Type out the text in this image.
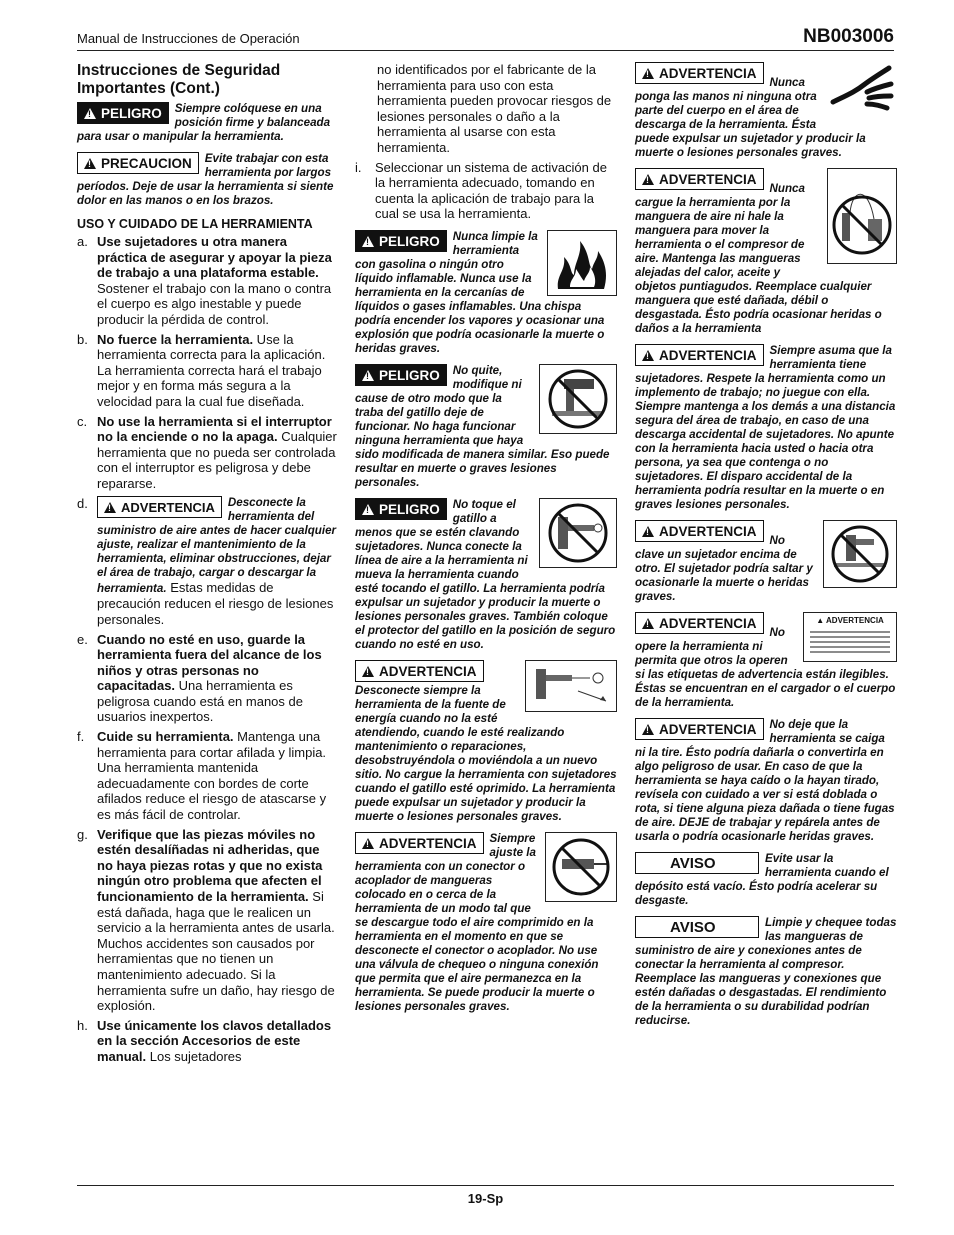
Manual de Instrucciones de Operación	NB003006
Instrucciones de Seguridad Importantes (Cont.)
!PELIGRO	Siempre colóquese en una posición firme y balanceada para usar o manipular la herramienta.
!PRECAUCION	Evite trabajar con esta herramienta por largos períodos. Deje de usar la herramienta si siente dolor en las manos o en los brazos.
USO Y CUIDADO DE LA HERRAMIENTA
a. Use sujetadores u otra manera práctica de asegurar y apoyar la pieza de trabajo a una plataforma estable. Sostener el trabajo con la mano o contra el cuerpo es algo inestable y puede producir la pérdida de control.
b. No fuerce la herramienta. Use la herramienta correcta para la aplicación. La herramienta correcta hará el trabajo mejor y en forma más segura a la velocidad para la cual fue diseñada.
c. No use la herramienta si el interruptor no la enciende o no la apaga. Cualquier herramienta que no pueda ser controlada con el interruptor es peligrosa y debe repararse.
d.
!	ADVERTENCIA	Desconecte la herramienta del suministro de aire antes de hacer cualquier ajuste, realizar el mantenimiento de la herramienta, eliminar obstrucciones, dejar el área de trabajo, cargar o descargar la herramienta. Estas medidas de precaución reducen el riesgo de lesiones personales.
e. Cuando no esté en uso, guarde la herramienta fuera del alcance de los niños y otras personas no capacitadas. Una herramienta es peligrosa cuando está en manos de usuarios inexpertos.
f. Cuide su herramienta. Mantenga una herramienta para cortar afilada y limpia. Una herramienta mantenida adecuadamente con bordes de corte afilados reduce el riesgo de atascarse y es más fácil de controlar.
g. Verifique que las piezas móviles no estén desalíñadas ni adheridas, que no haya piezas rotas y que no exista ningún otro problema que afecten el funcionamiento de la herramienta. Si está dañada, haga que le realicen un servicio a la herramienta antes de usarla. Muchos accidentes son causados por herramientas que no tienen un mantenimiento adecuado. Si la herramienta sufre un daño, hay riesgo de explosión.
h. Use únicamente los clavos detallados en la sección Accesorios de este manual. Los sujetadores
no identificados por el fabricante de la herramienta para uso con esta herramienta pueden provocar riesgos de lesiones personales o daño a la herramienta al usarse con esta herramienta.
i.	Seleccionar un sistema de activación de la herramienta adecuado, tomando en cuenta la aplicación de trabajo para la cual se usa la herramienta.
!PELIGRO	Nunca limpie la herramienta con gasolina o ningún otro líquido inflamable. Nunca use la herramienta en la cercanías de líquidos o gases inflamables. Una chispa podría encender los vapores y ocasionar una explosión que podría ocasionarle la muerte o heridas graves.
!PELIGRO	No quite, modifique ni cause de otro modo que la traba del gatillo deje de funcionar. No haga funcionar ninguna herramienta que haya sido modificada de manera similar. Eso puede resultar en muerte o graves lesiones personales.
!PELIGRO	No toque el gatillo a menos que se estén clavando sujetadores. Nunca conecte la línea de aire a la herramienta ni mueva la herramienta cuando esté tocando el gatillo. La herramienta podría expulsar un sujetador y producir la muerte o lesiones personales graves. También coloque el protector del gatillo en la posición de seguro cuando no esté en uso.
!ADVERTENCIA
Desconecte siempre la herramienta de la fuente de energía cuando no la esté atendiendo, cuando le esté realizando mantenimiento o reparaciones, desobstruyéndola o moviéndola a un nuevo sitio. No cargue la herramienta con sujetadores cuando el gatillo esté oprimido. La herramienta puede expulsar un sujetador y producir la muerte o lesiones personales graves.
!ADVERTENCIA	Siempre ajuste la herramienta con un conector o acoplador de mangueras colocado en o cerca de la herramienta de un modo tal que se descargue todo el aire comprimido en la herramienta en el momento en que se desconecte el conector o acoplador. No use una válvula de chequeo o ninguna conexión que permita que el aire permanezca en la herramienta. Se puede producir la muerte o lesiones personales graves.
!ADVERTENCIA

Nunca ponga las manos ni ninguna otra parte del cuerpo en el área de descarga de la herramienta. Ésta puede expulsar un sujetador y producir la muerte o lesiones personales graves.
!ADVERTENCIA

Nunca cargue la herramienta por la manguera de aire ni hale la manguera para mover la herramienta o el compresor de aire. Mantenga las mangueras alejadas del calor, aceite y objetos puntiagudos. Reemplace cualquier manguera que esté dañada, débil o desgastada. Ésto podría ocasionar heridas o daños a la herramienta
!ADVERTENCIA	Siempre asuma que la herramienta tiene sujetadores. Respete la herramienta como un implemento de trabajo; no juegue con ella. Siempre mantenga a los demás a una distancia segura del área de trabajo, en caso de una descarga accidental de sujetadores. No apunte con la herramienta hacia usted o hacia otra persona, ya sea que contenga o no sujetadores. El disparo accidental de la herramienta podría resultar en la muerte o en graves lesiones personales.
!ADVERTENCIA

No clave un sujetador encima de otro. El sujetador podría saltar y ocasionarle la muerte o heridas graves.
▲ ADVERTENCIA
!ADVERTENCIA

No opere la herramienta ni permita que otros la operen si las etiquetas de advertencia están ilegibles. Éstas se encuentran en el cargador o el cuerpo de la herramienta.
!ADVERTENCIA	No deje que la herramienta se caiga ni la tire. Ésto podría dañarla o convertirla en algo peligroso de usar. En caso de que la herramienta se haya caído o la hayan tirado, revísela con cuidado a ver si está doblada o rota, si tiene alguna pieza dañada o tiene fugas de aire. DEJE de trabajar y repárela antes de usarla o podría ocasionarle heridas graves.
AVISO	Evite usar la herramienta cuando el depósito está vacío. Ésto podría acelerar su desgaste.
AVISO	Limpie y chequee todas las mangueras de suministro de aire y conexiones antes de conectar la herramienta al compresor. Reemplace las mangueras y conexiones que estén dañadas o desgastadas. El rendimiento de la herramienta o su durabilidad podrían reducirse.
19-Sp
